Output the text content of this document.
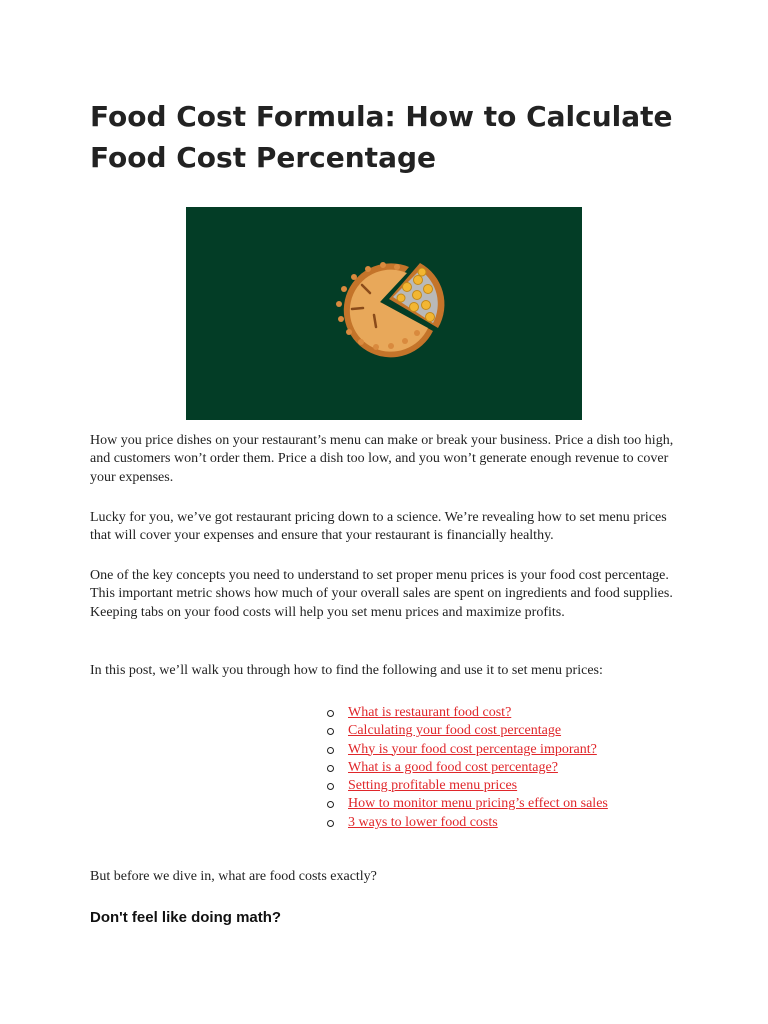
Food Cost Formula: How to Calculate Food Cost Percentage

How you price dishes on your restaurant’s menu can make or break your business. Price a dish too high, and customers won’t order them. Price a dish too low, and you won’t generate enough revenue to cover your expenses.

Lucky for you, we’ve got restaurant pricing down to a science. We’re revealing how to set menu prices that will cover your expenses and ensure that your restaurant is financially healthy.

One of the key concepts you need to understand to set proper menu prices is your food cost percentage. This important metric shows how much of your overall sales are spent on ingredients and food supplies. Keeping tabs on your food costs will help you set menu prices and maximize profits.

In this post, we’ll walk you through how to find the following and use it to set menu prices:

What is restaurant food cost?
Calculating your food cost percentage
Why is your food cost percentage imporant?
What is a good food cost percentage?
Setting profitable menu prices
How to monitor menu pricing’s effect on sales
3 ways to lower food costs

But before we dive in, what are food costs exactly?

Don't feel like doing math?
